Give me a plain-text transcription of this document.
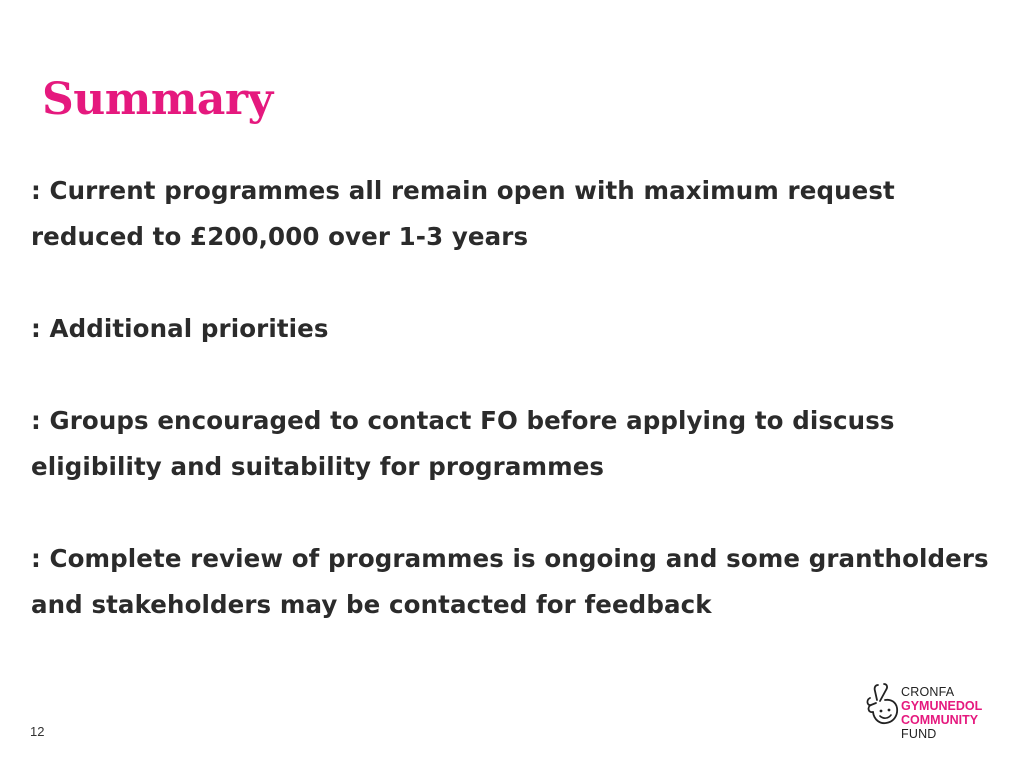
Summary
: Current programmes all remain open with maximum request reduced to £200,000 over 1-3 years
: Additional priorities
: Groups encouraged to contact FO before applying to discuss eligibility and suitability for programmes
: Complete review of programmes is ongoing and some grantholders and stakeholders may be contacted for feedback
12
CRONFA
GYMUNEDOL
COMMUNITY
FUND
